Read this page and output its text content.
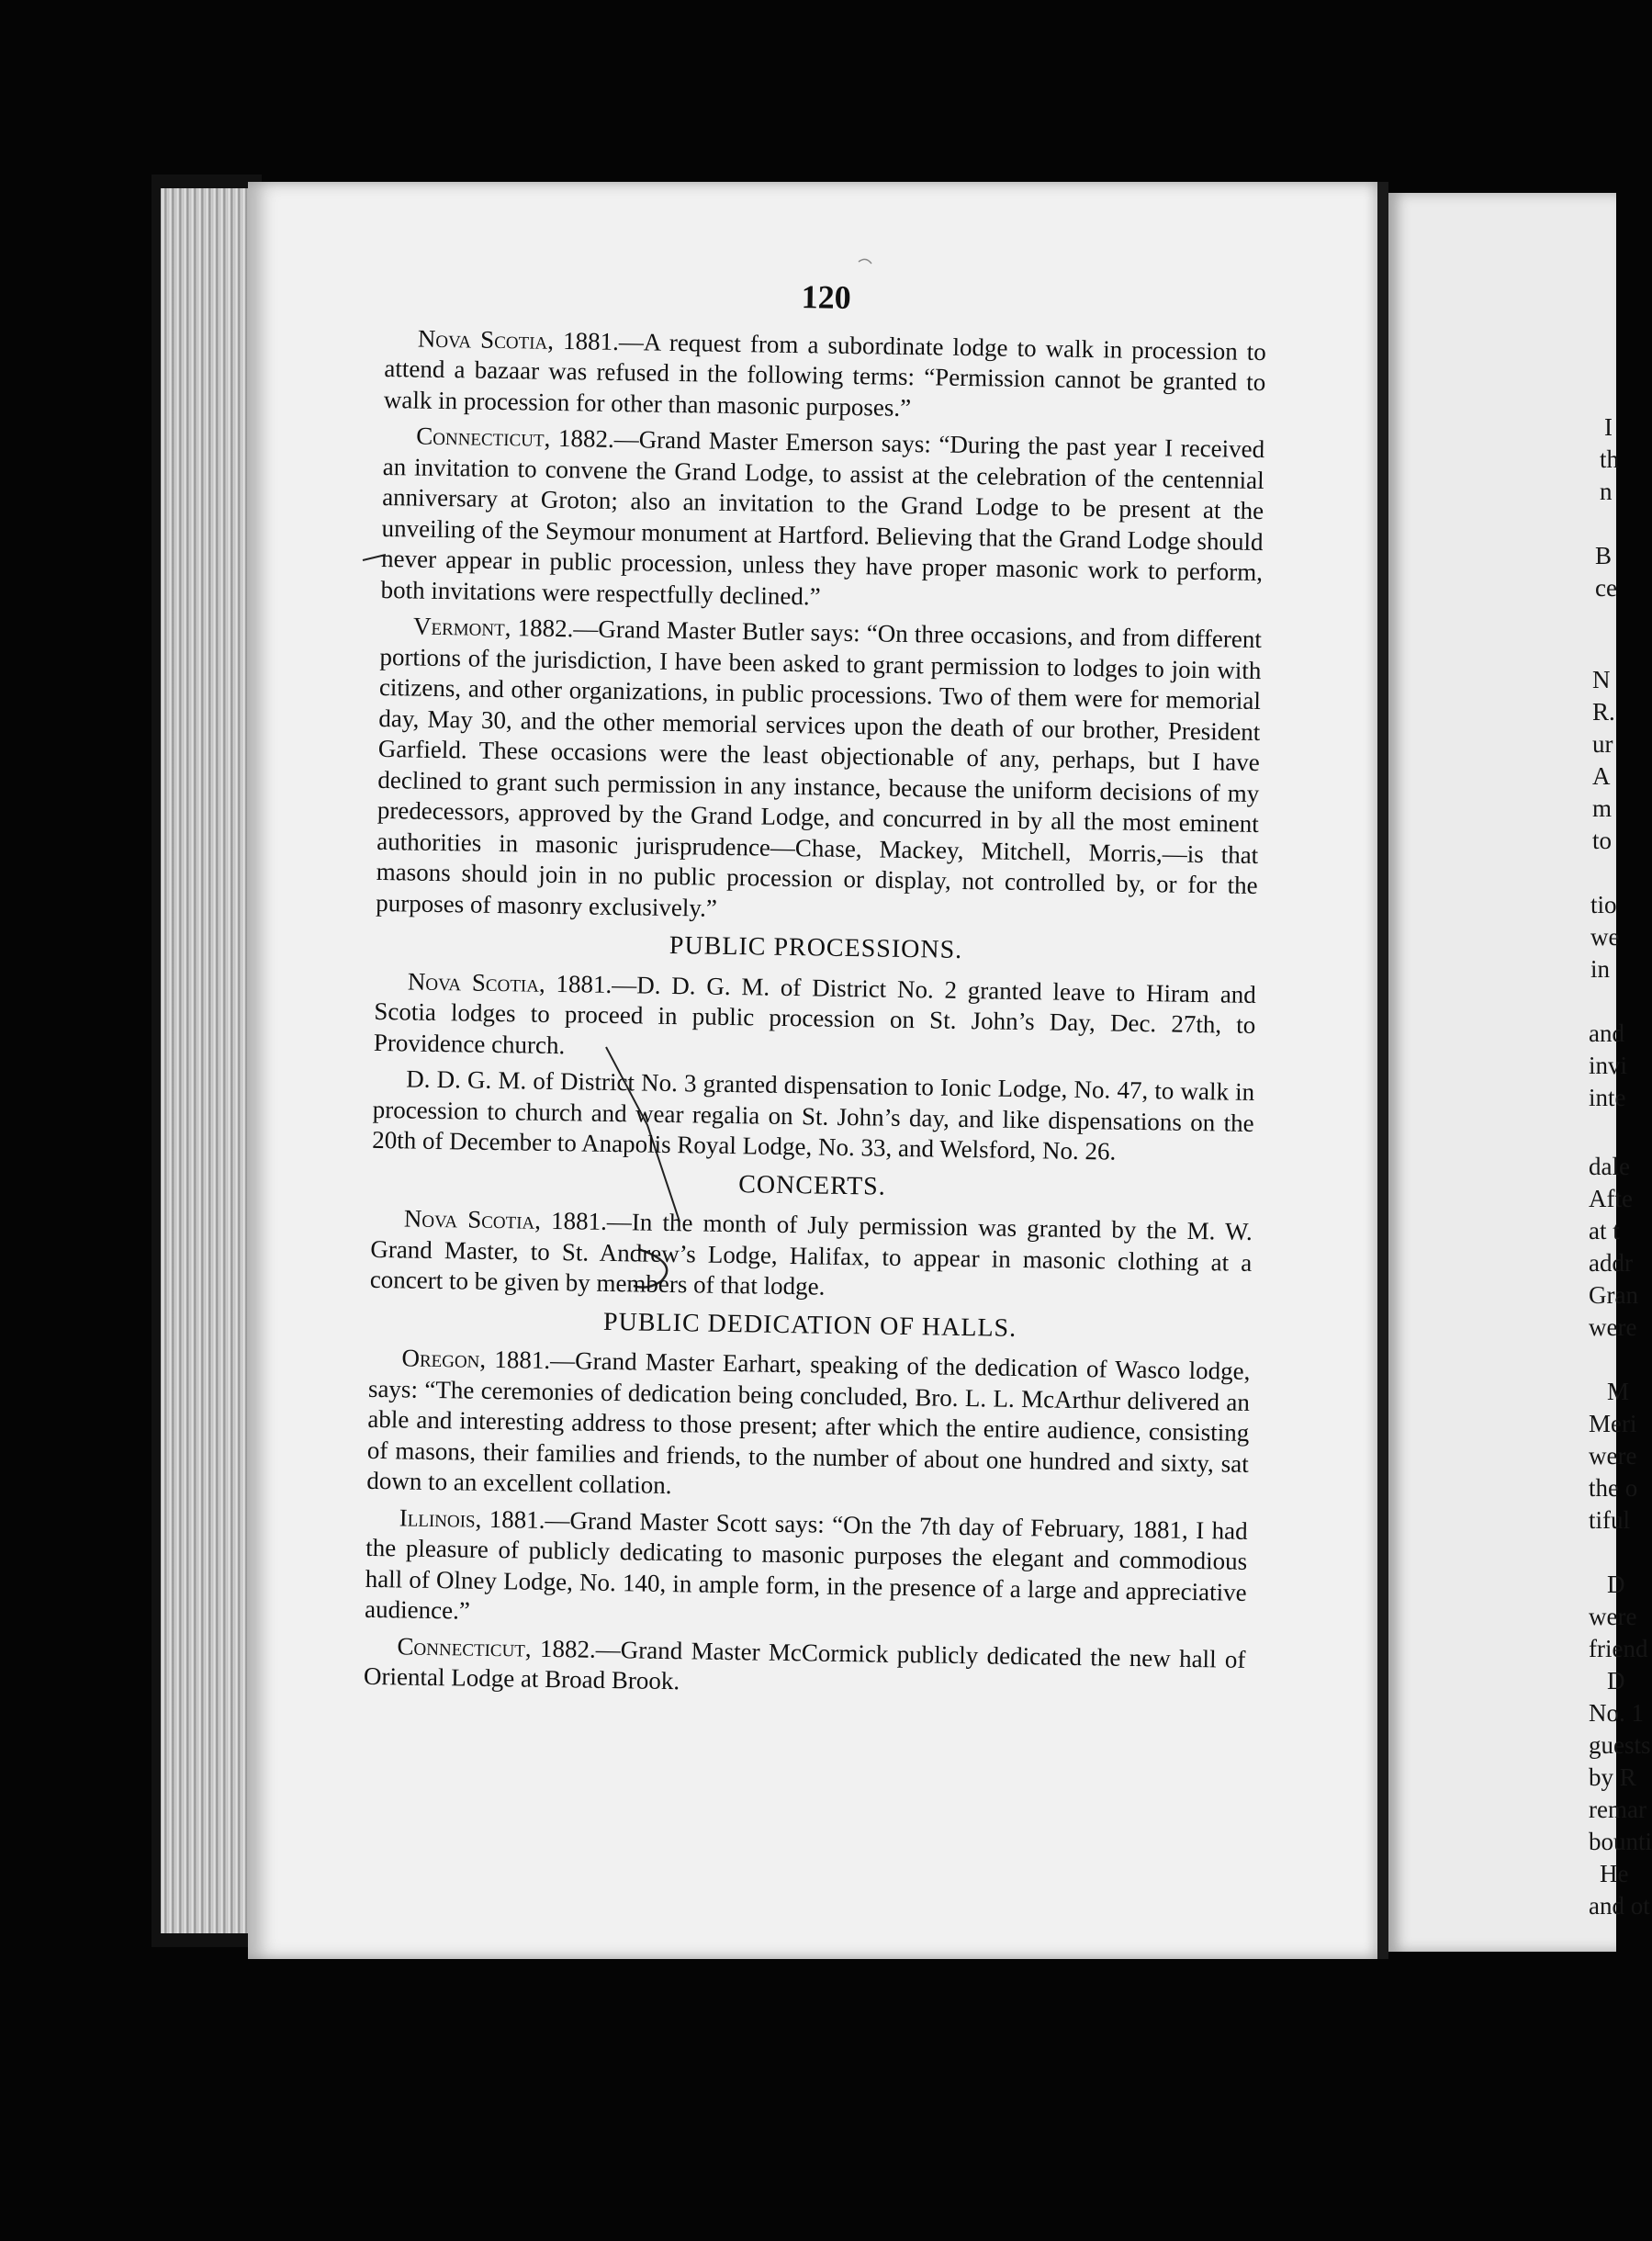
I
th
n
B
ce
N
R.
ur
A
m
to
tio
we
in
and
invi
inte
dale
Afte
at t
addr
Gran
were
M
Meri
were
the o
tiful
D
were
friend
D
No. 1
guests
by R
remar
bounti
He
and ot
120

Nova Scotia, 1881.—A request from a subordinate lodge to walk in procession to attend a bazaar was refused in the following terms: “Permission cannot be granted to walk in procession for other than masonic purposes.”

Connecticut, 1882.—Grand Master Emerson says: “During the past year I received an invitation to convene the Grand Lodge, to assist at the celebration of the centennial anniversary at Groton; also an invitation to the Grand Lodge to be present at the unveiling of the Seymour monument at Hartford. Believing that the Grand Lodge should never appear in public procession, unless they have proper masonic work to perform, both invitations were respectfully declined.”

Vermont, 1882.—Grand Master Butler says: “On three occasions, and from different portions of the jurisdiction, I have been asked to grant permission to lodges to join with citizens, and other organizations, in public processions. Two of them were for memorial day, May 30, and the other memorial services upon the death of our brother, President Garfield. These occasions were the least objectionable of any, perhaps, but I have declined to grant such permission in any instance, because the uniform decisions of my predecessors, approved by the Grand Lodge, and concurred in by all the most eminent authorities in masonic jurisprudence—Chase, Mackey, Mitchell, Morris,—is that masons should join in no public procession or display, not controlled by, or for the purposes of masonry exclusively.”

PUBLIC PROCESSIONS.

Nova Scotia, 1881.—D. D. G. M. of District No. 2 granted leave to Hiram and Scotia lodges to proceed in public procession on St. John’s Day, Dec. 27th, to Providence church.

D. D. G. M. of District No. 3 granted dispensation to Ionic Lodge, No. 47, to walk in procession to church and wear regalia on St. John’s day, and like dispensations on the 20th of December to Anapolis Royal Lodge, No. 33, and Welsford, No. 26.

CONCERTS.

Nova Scotia, 1881.—In the month of July permission was granted by the M. W. Grand Master, to St. Andrew’s Lodge, Halifax, to appear in masonic clothing at a concert to be given by members of that lodge.

PUBLIC DEDICATION OF HALLS.

Oregon, 1881.—Grand Master Earhart, speaking of the dedication of Wasco lodge, says: “The ceremonies of dedication being concluded, Bro. L. L. McArthur delivered an able and interesting address to those present; after which the entire audience, consisting of masons, their families and friends, to the number of about one hundred and sixty, sat down to an excellent collation.

Illinois, 1881.—Grand Master Scott says: “On the 7th day of February, 1881, I had the pleasure of publicly dedicating to masonic purposes the elegant and commodious hall of Olney Lodge, No. 140, in ample form, in the presence of a large and appreciative audience.”

Connecticut, 1882.—Grand Master McCormick publicly dedicated the new hall of Oriental Lodge at Broad Brook.
